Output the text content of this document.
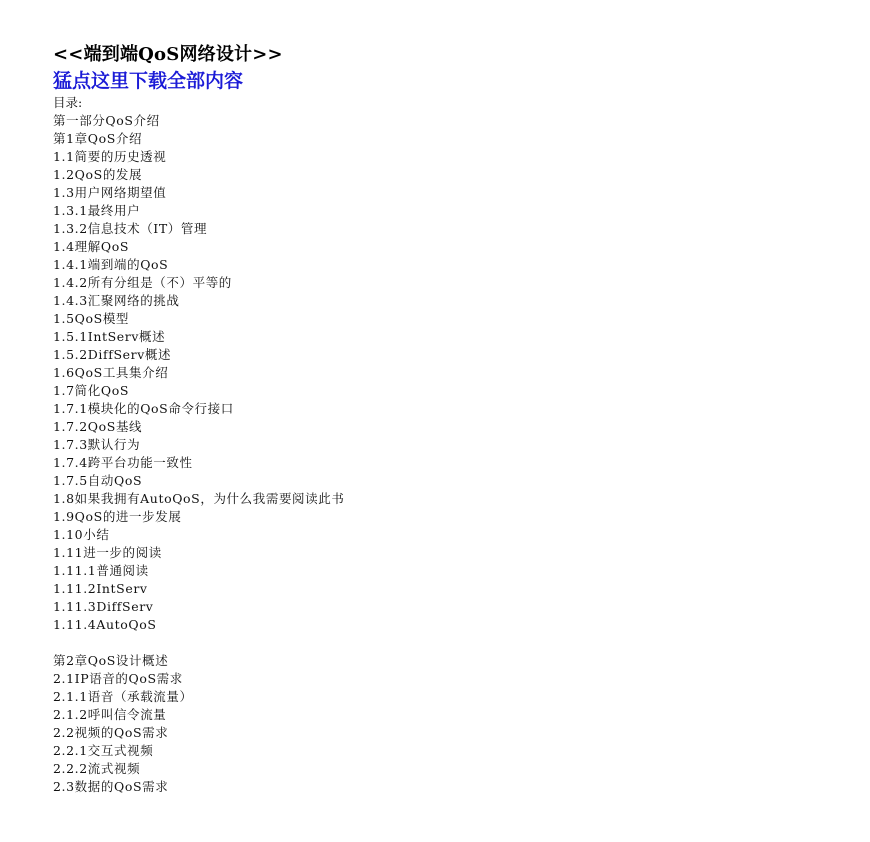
<<端到端QoS网络设计>>
猛点这里下载全部内容
目录:
第一部分QoS介绍
第1章QoS介绍
1.1简要的历史透视
1.2QoS的发展
1.3用户网络期望值
1.3.1最终用户
1.3.2信息技术（IT）管理
1.4理解QoS
1.4.1端到端的QoS
1.4.2所有分组是（不）平等的
1.4.3汇聚网络的挑战
1.5QoS模型
1.5.1IntServ概述
1.5.2DiffServ概述
1.6QoS工具集介绍
1.7简化QoS
1.7.1模块化的QoS命令行接口
1.7.2QoS基线
1.7.3默认行为
1.7.4跨平台功能一致性
1.7.5自动QoS
1.8如果我拥有AutoQoS，为什么我需要阅读此书
1.9QoS的进一步发展
1.10小结
1.11进一步的阅读
1.11.1普通阅读
1.11.2IntServ
1.11.3DiffServ
1.11.4AutoQoS
第2章QoS设计概述
2.1IP语音的QoS需求
2.1.1语音（承载流量）
2.1.2呼叫信令流量
2.2视频的QoS需求
2.2.1交互式视频
2.2.2流式视频
2.3数据的QoS需求
